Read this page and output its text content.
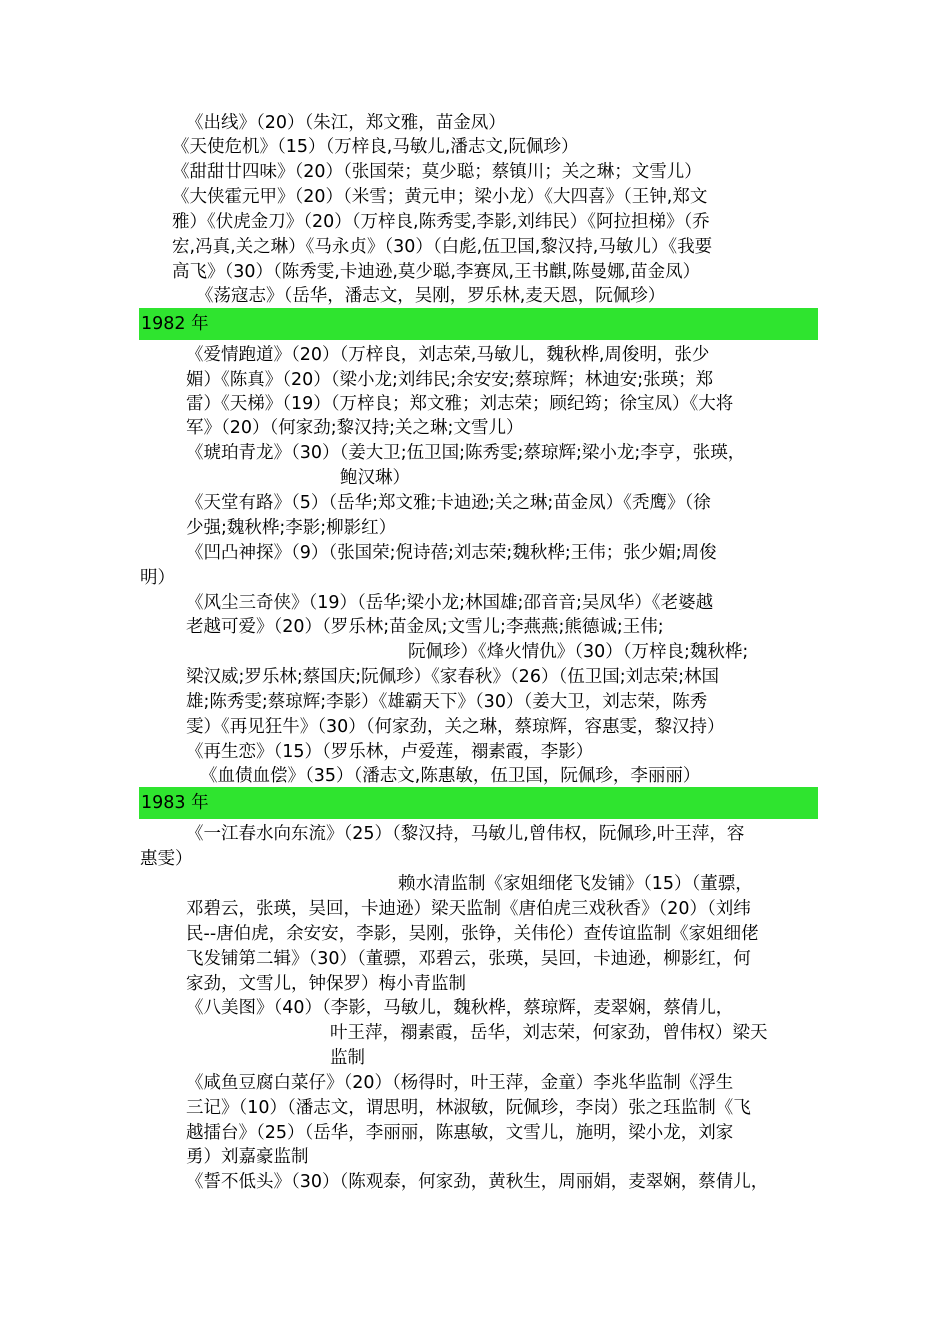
《出线》（20）（朱江，郑文雅，苗金凤）
《天使危机》（15）（万梓良,马敏儿,潘志文,阮佩珍）
《甜甜廿四味》（20）（张国荣；莫少聪；蔡镇川；关之琳；文雪儿）
《大侠霍元甲》（20）（米雪；黄元申；梁小龙）《大四喜》（王钟,郑文
雅）《伏虎金刀》（20）（万梓良,陈秀雯,李影,刘纬民）《阿拉担梯》（乔
宏,冯真,关之琳）《马永贞》（30）（白彪,伍卫国,黎汉持,马敏儿）《我要
高飞》（30）（陈秀雯,卡迪逊,莫少聪,李赛凤,王书麒,陈曼娜,苗金凤）
《荡寇志》（岳华，潘志文，吴刚，罗乐林,麦天恩，阮佩珍）
1982 年
《爱情跑道》（20）（万梓良，刘志荣,马敏儿，魏秋桦,周俊明，张少
媚）《陈真》（20）（梁小龙;刘纬民;余安安;蔡琼辉；林迪安;张瑛；郑
雷）《天梯》（19）（万梓良；郑文雅；刘志荣；顾纪筠；徐宝凤）《大将
军》（20）（何家劲;黎汉持;关之琳;文雪儿）
《琥珀青龙》（30）（姜大卫;伍卫国;陈秀雯;蔡琼辉;梁小龙;李亨，张瑛，
鲍汉琳）
《天堂有路》（5）（岳华;郑文雅;卡迪逊;关之琳;苗金凤）《秃鹰》（徐
少强;魏秋桦;李影;柳影红）
《凹凸神探》（9）（张国荣;倪诗蓓;刘志荣;魏秋桦;王伟；张少媚;周俊
明）
《风尘三奇侠》（19）（岳华;梁小龙;林国雄;邵音音;吴凤华）《老婆越
老越可爱》（20）（罗乐林;苗金凤;文雪儿;李燕燕;熊德诚;王伟;
阮佩珍）《烽火情仇》（30）（万梓良;魏秋桦;
梁汉威;罗乐林;蔡国庆;阮佩珍）《家春秋》（26）（伍卫国;刘志荣;林国
雄;陈秀雯;蔡琼辉;李影）《雄霸天下》（30）（姜大卫，刘志荣，陈秀
雯）《再见狂牛》（30）（何家劲，关之琳，蔡琼辉，容惠雯，黎汉持）
《再生恋》（15）（罗乐林，卢爱莲，禤素霞，李影）
《血债血偿》（35）（潘志文,陈惠敏，伍卫国，阮佩珍，李丽丽）
1983 年
《一江春水向东流》（25）（黎汉持，马敏儿,曾伟权，阮佩珍,叶王萍，容
惠雯）
赖水清监制《家姐细佬飞发铺》（15）（董骠，
邓碧云，张瑛，吴回，卡迪逊）梁天监制《唐伯虎三戏秋香》（20）（刘纬
民--唐伯虎，余安安，李影，吴刚，张铮，关伟伦）查传谊监制《家姐细佬
飞发铺第二辑》（30）（董骠，邓碧云，张瑛，吴回，卡迪逊，柳影红，何
家劲，文雪儿，钟保罗）梅小青监制
《八美图》（40）（李影，马敏儿，魏秋桦，蔡琼辉，麦翠娴，蔡倩儿，
叶王萍，禤素霞，岳华，刘志荣，何家劲，曾伟权）梁天
监制
《咸鱼豆腐白菜仔》（20）（杨得时，叶王萍，金童）李兆华监制《浮生
三记》（10）（潘志文，谓思明，林淑敏，阮佩珍，李岗）张之珏监制《飞
越擂台》（25）（岳华，李丽丽，陈惠敏，文雪儿，施明，梁小龙，刘家
勇）刘嘉豪监制
《誓不低头》（30）（陈观泰，何家劲，黄秋生，周丽娟，麦翠娴，蔡倩儿，
